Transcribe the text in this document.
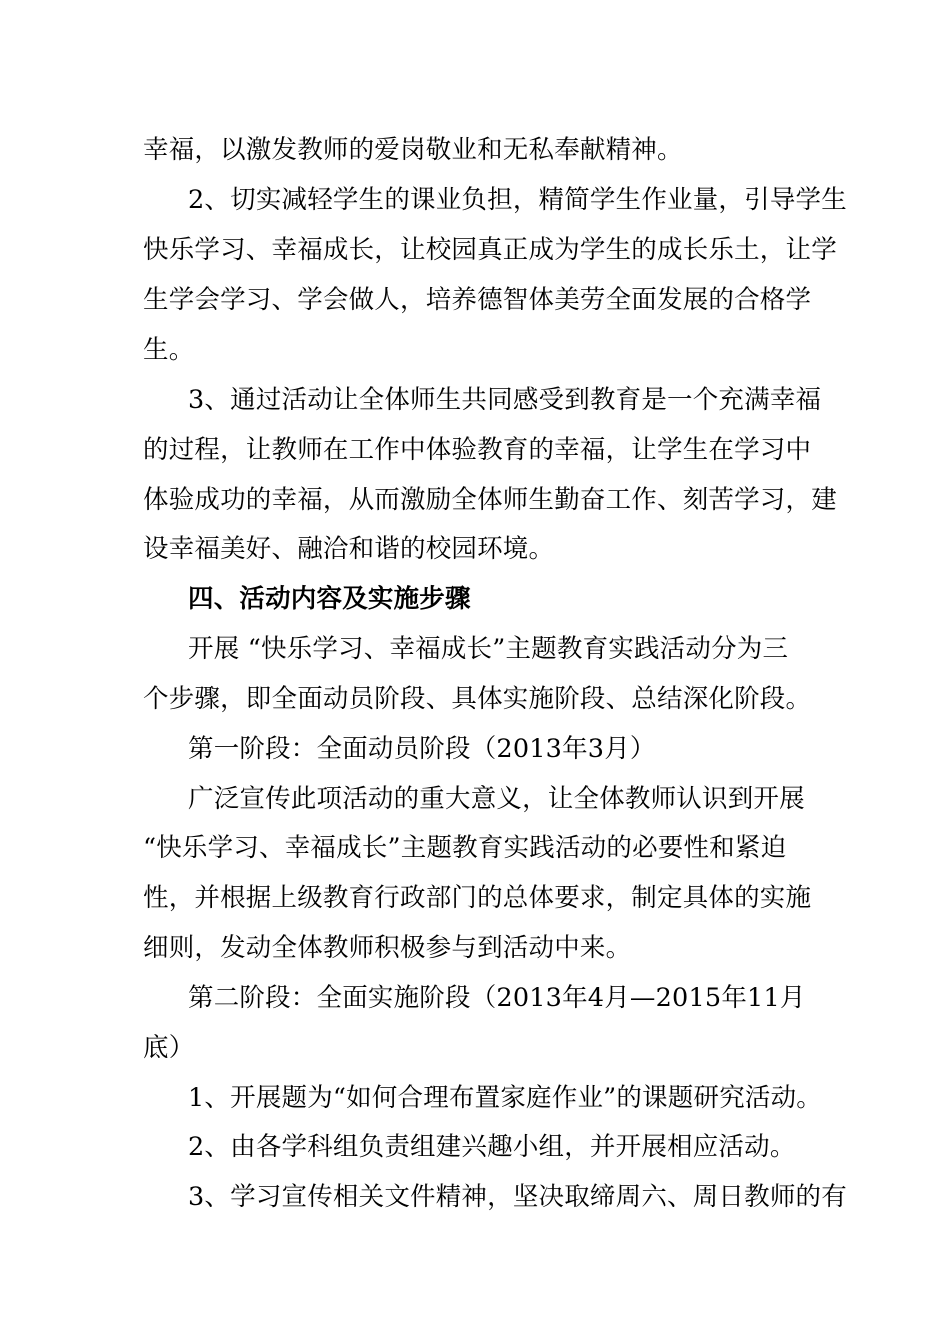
幸福，以激发教师的爱岗敬业和无私奉献精神。
2、切实减轻学生的课业负担，精简学生作业量，引导学生
快乐学习、幸福成长，让校园真正成为学生的成长乐土，让学
生学会学习、学会做人，培养德智体美劳全面发展的合格学
生。
3、通过活动让全体师生共同感受到教育是一个充满幸福
的过程，让教师在工作中体验教育的幸福，让学生在学习中
体验成功的幸福，从而激励全体师生勤奋工作、刻苦学习，建
设幸福美好、融洽和谐的校园环境。
四、活动内容及实施步骤
开展 “快乐学习、幸福成长”主题教育实践活动分为三
个步骤，即全面动员阶段、具体实施阶段、总结深化阶段。
第一阶段：全面动员阶段（2013年3月）
广泛宣传此项活动的重大意义，让全体教师认识到开展
“快乐学习、幸福成长”主题教育实践活动的必要性和紧迫
性，并根据上级教育行政部门的总体要求，制定具体的实施
细则，发动全体教师积极参与到活动中来。
第二阶段：全面实施阶段（2013年4月—2015年11月
底）
1、开展题为“如何合理布置家庭作业”的课题研究活动。
2、由各学科组负责组建兴趣小组，并开展相应活动。
3、学习宣传相关文件精神，坚决取缔周六、周日教师的有
